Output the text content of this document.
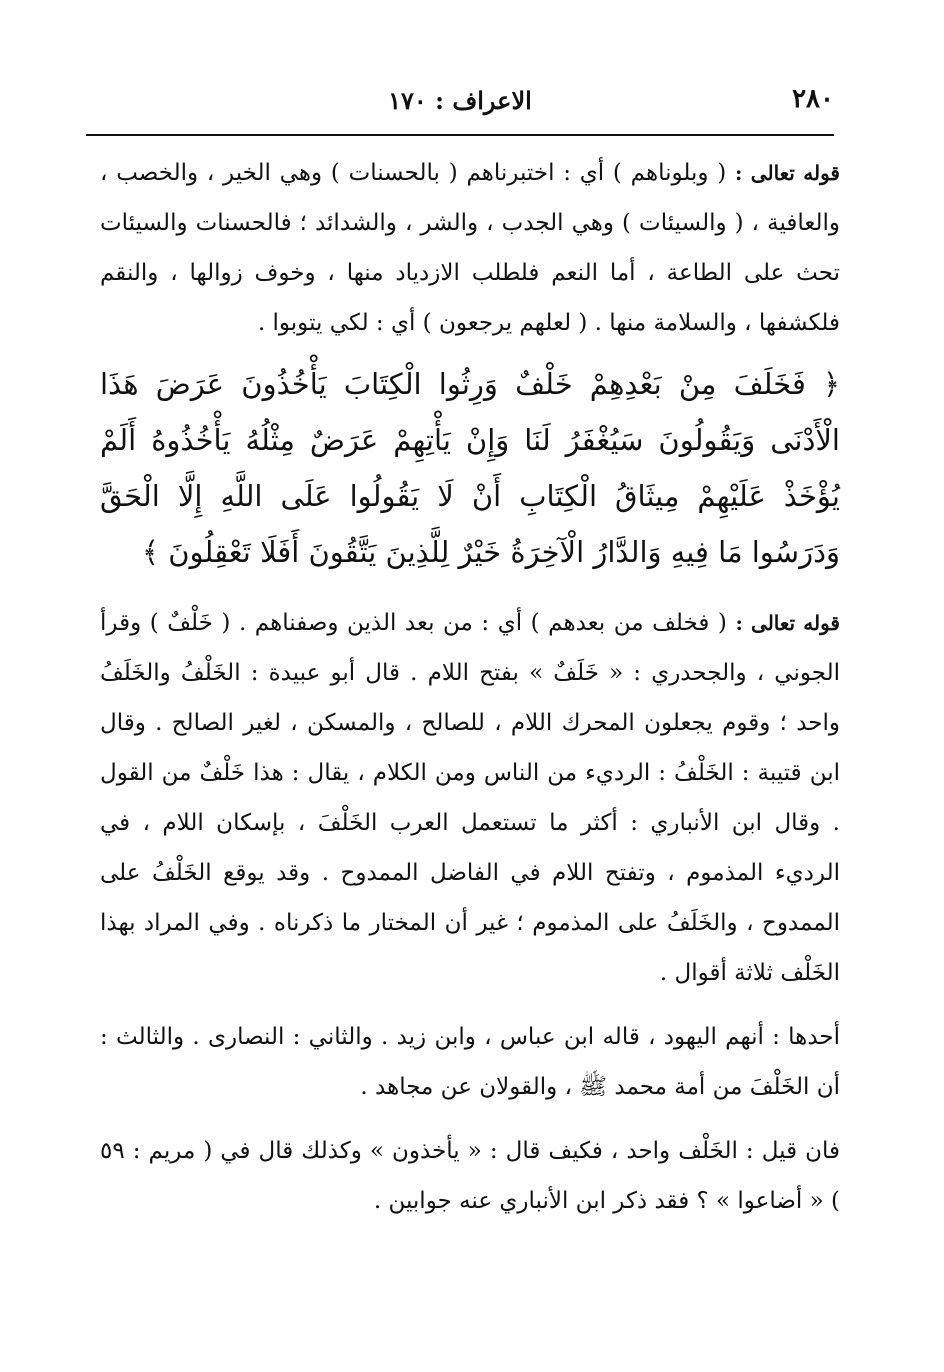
٢٨٠
الاعراف : ١٧٠

قوله تعالى : ( وبلوناهم ) أي : اختبرناهم ( بالحسنات ) وهي الخير ، والخصب ، والعافية ، ( والسيئات ) وهي الجدب ، والشر ، والشدائد ؛ فالحسنات والسيئات تحث على الطاعة ، أما النعم فلطلب الازدياد منها ، وخوف زوالها ، والنقم فلكشفها ، والسلامة منها . ( لعلهم يرجعون ) أي : لكي يتوبوا .

﴿ فَخَلَفَ مِنْ بَعْدِهِمْ خَلْفٌ وَرِثُوا الْكِتَابَ يَأْخُذُونَ عَرَضَ هَذَا الْأَدْنَى وَيَقُولُونَ سَيُغْفَرُ لَنَا وَإِنْ يَأْتِهِمْ عَرَضٌ مِثْلُهُ يَأْخُذُوهُ أَلَمْ يُؤْخَذْ عَلَيْهِمْ مِيثَاقُ الْكِتَابِ أَنْ لَا يَقُولُوا عَلَى اللَّهِ إِلَّا الْحَقَّ وَدَرَسُوا مَا فِيهِ وَالدَّارُ الْآخِرَةُ خَيْرٌ لِلَّذِينَ يَتَّقُونَ أَفَلَا تَعْقِلُونَ ﴾

قوله تعالى : ( فخلف من بعدهم ) أي : من بعد الذين وصفناهم . ( خَلْفٌ ) وقرأ الجوني ، والجحدري : « خَلَفٌ » بفتح اللام . قال أبو عبيدة : الخَلْفُ والخَلَفُ واحد ؛ وقوم يجعلون المحرك اللام ، للصالح ، والمسكن ، لغير الصالح . وقال ابن قتيبة : الخَلْفُ : الرديء من الناس ومن الكلام ، يقال : هذا خَلْفٌ من القول . وقال ابن الأنباري : أكثر ما تستعمل العرب الخَلْفَ ، بإسكان اللام ، في الرديء المذموم ، وتفتح اللام في الفاضل الممدوح . وقد يوقع الخَلْفُ على الممدوح ، والخَلَفُ على المذموم ؛ غير أن المختار ما ذكرناه . وفي المراد بهذا الخَلْف ثلاثة أقوال .

أحدها : أنهم اليهود ، قاله ابن عباس ، وابن زيد . والثاني : النصارى . والثالث : أن الخَلْفَ من أمة محمد ﷺ ، والقولان عن مجاهد .

فان قيل : الخَلْف واحد ، فكيف قال : « يأخذون » وكذلك قال في ( مريم : ٥٩ ) « أضاعوا » ؟ فقد ذكر ابن الأنباري عنه جوابين .
